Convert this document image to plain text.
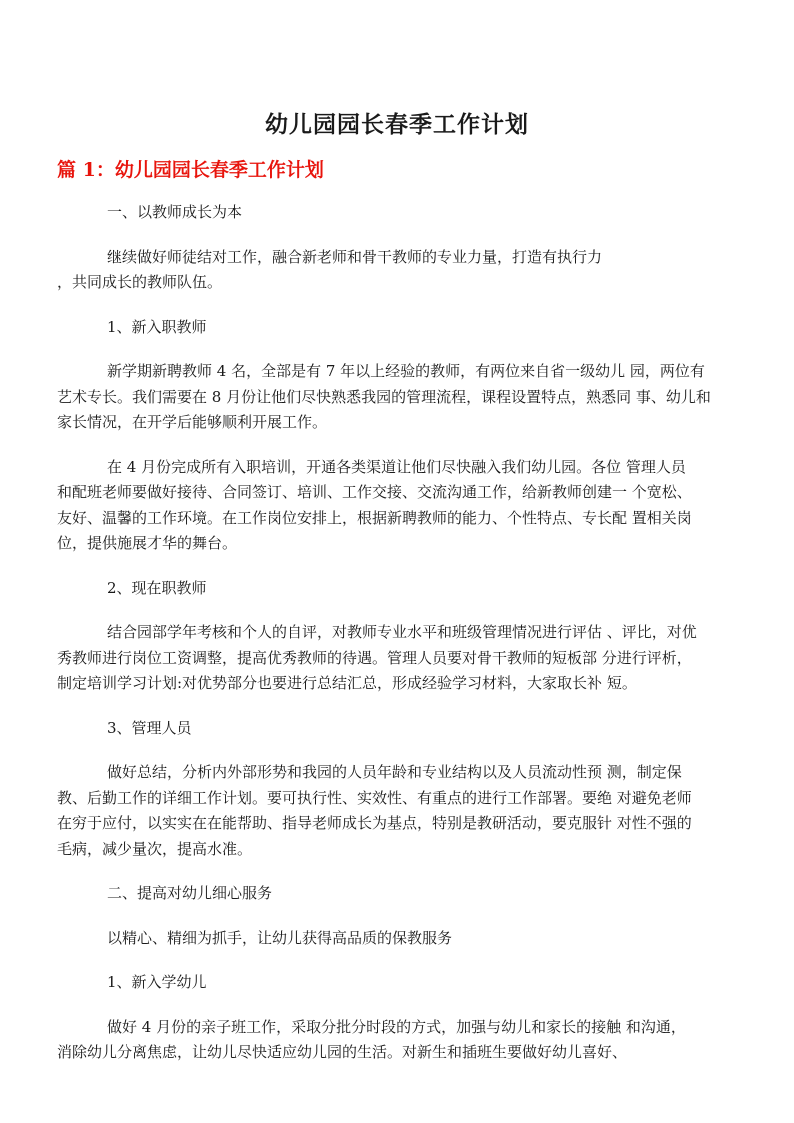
幼儿园园长春季工作计划
篇 1：幼儿园园长春季工作计划
一、以教师成长为本
继续做好师徒结对工作，融合新老师和骨干教师的专业力量，打造有执行力
，共同成长的教师队伍。
1、新入职教师
新学期新聘教师 4 名，全部是有 7 年以上经验的教师，有两位来自省一级幼儿 园，两位有
艺术专长。我们需要在 8 月份让他们尽快熟悉我园的管理流程，课程设置特点，熟悉同 事、幼儿和
家长情况，在开学后能够顺利开展工作。
在 4 月份完成所有入职培训，开通各类渠道让他们尽快融入我们幼儿园。各位 管理人员
和配班老师要做好接待、合同签订、培训、工作交接、交流沟通工作，给新教师创建一 个宽松、
友好、温馨的工作环境。在工作岗位安排上，根据新聘教师的能力、个性特点、专长配 置相关岗
位，提供施展才华的舞台。
2、现在职教师
结合园部学年考核和个人的自评，对教师专业水平和班级管理情况进行评估 、评比，对优
秀教师进行岗位工资调整，提高优秀教师的待遇。管理人员要对骨干教师的短板部 分进行评析，
制定培训学习计划:对优势部分也要进行总结汇总，形成经验学习材料，大家取长补 短。
3、管理人员
做好总结，分析内外部形势和我园的人员年龄和专业结构以及人员流动性预 测，制定保
教、后勤工作的详细工作计划。要可执行性、实效性、有重点的进行工作部署。要绝 对避免老师
在穷于应付，以实实在在能帮助、指导老师成长为基点，特别是教研活动，要克服针 对性不强的
毛病，减少量次，提高水准。
二、提高对幼儿细心服务
以精心、精细为抓手，让幼儿获得高品质的保教服务
1、新入学幼儿
做好 4 月份的亲子班工作，采取分批分时段的方式，加强与幼儿和家长的接触 和沟通，
消除幼儿分离焦虑，让幼儿尽快适应幼儿园的生活。对新生和插班生要做好幼儿喜好、
